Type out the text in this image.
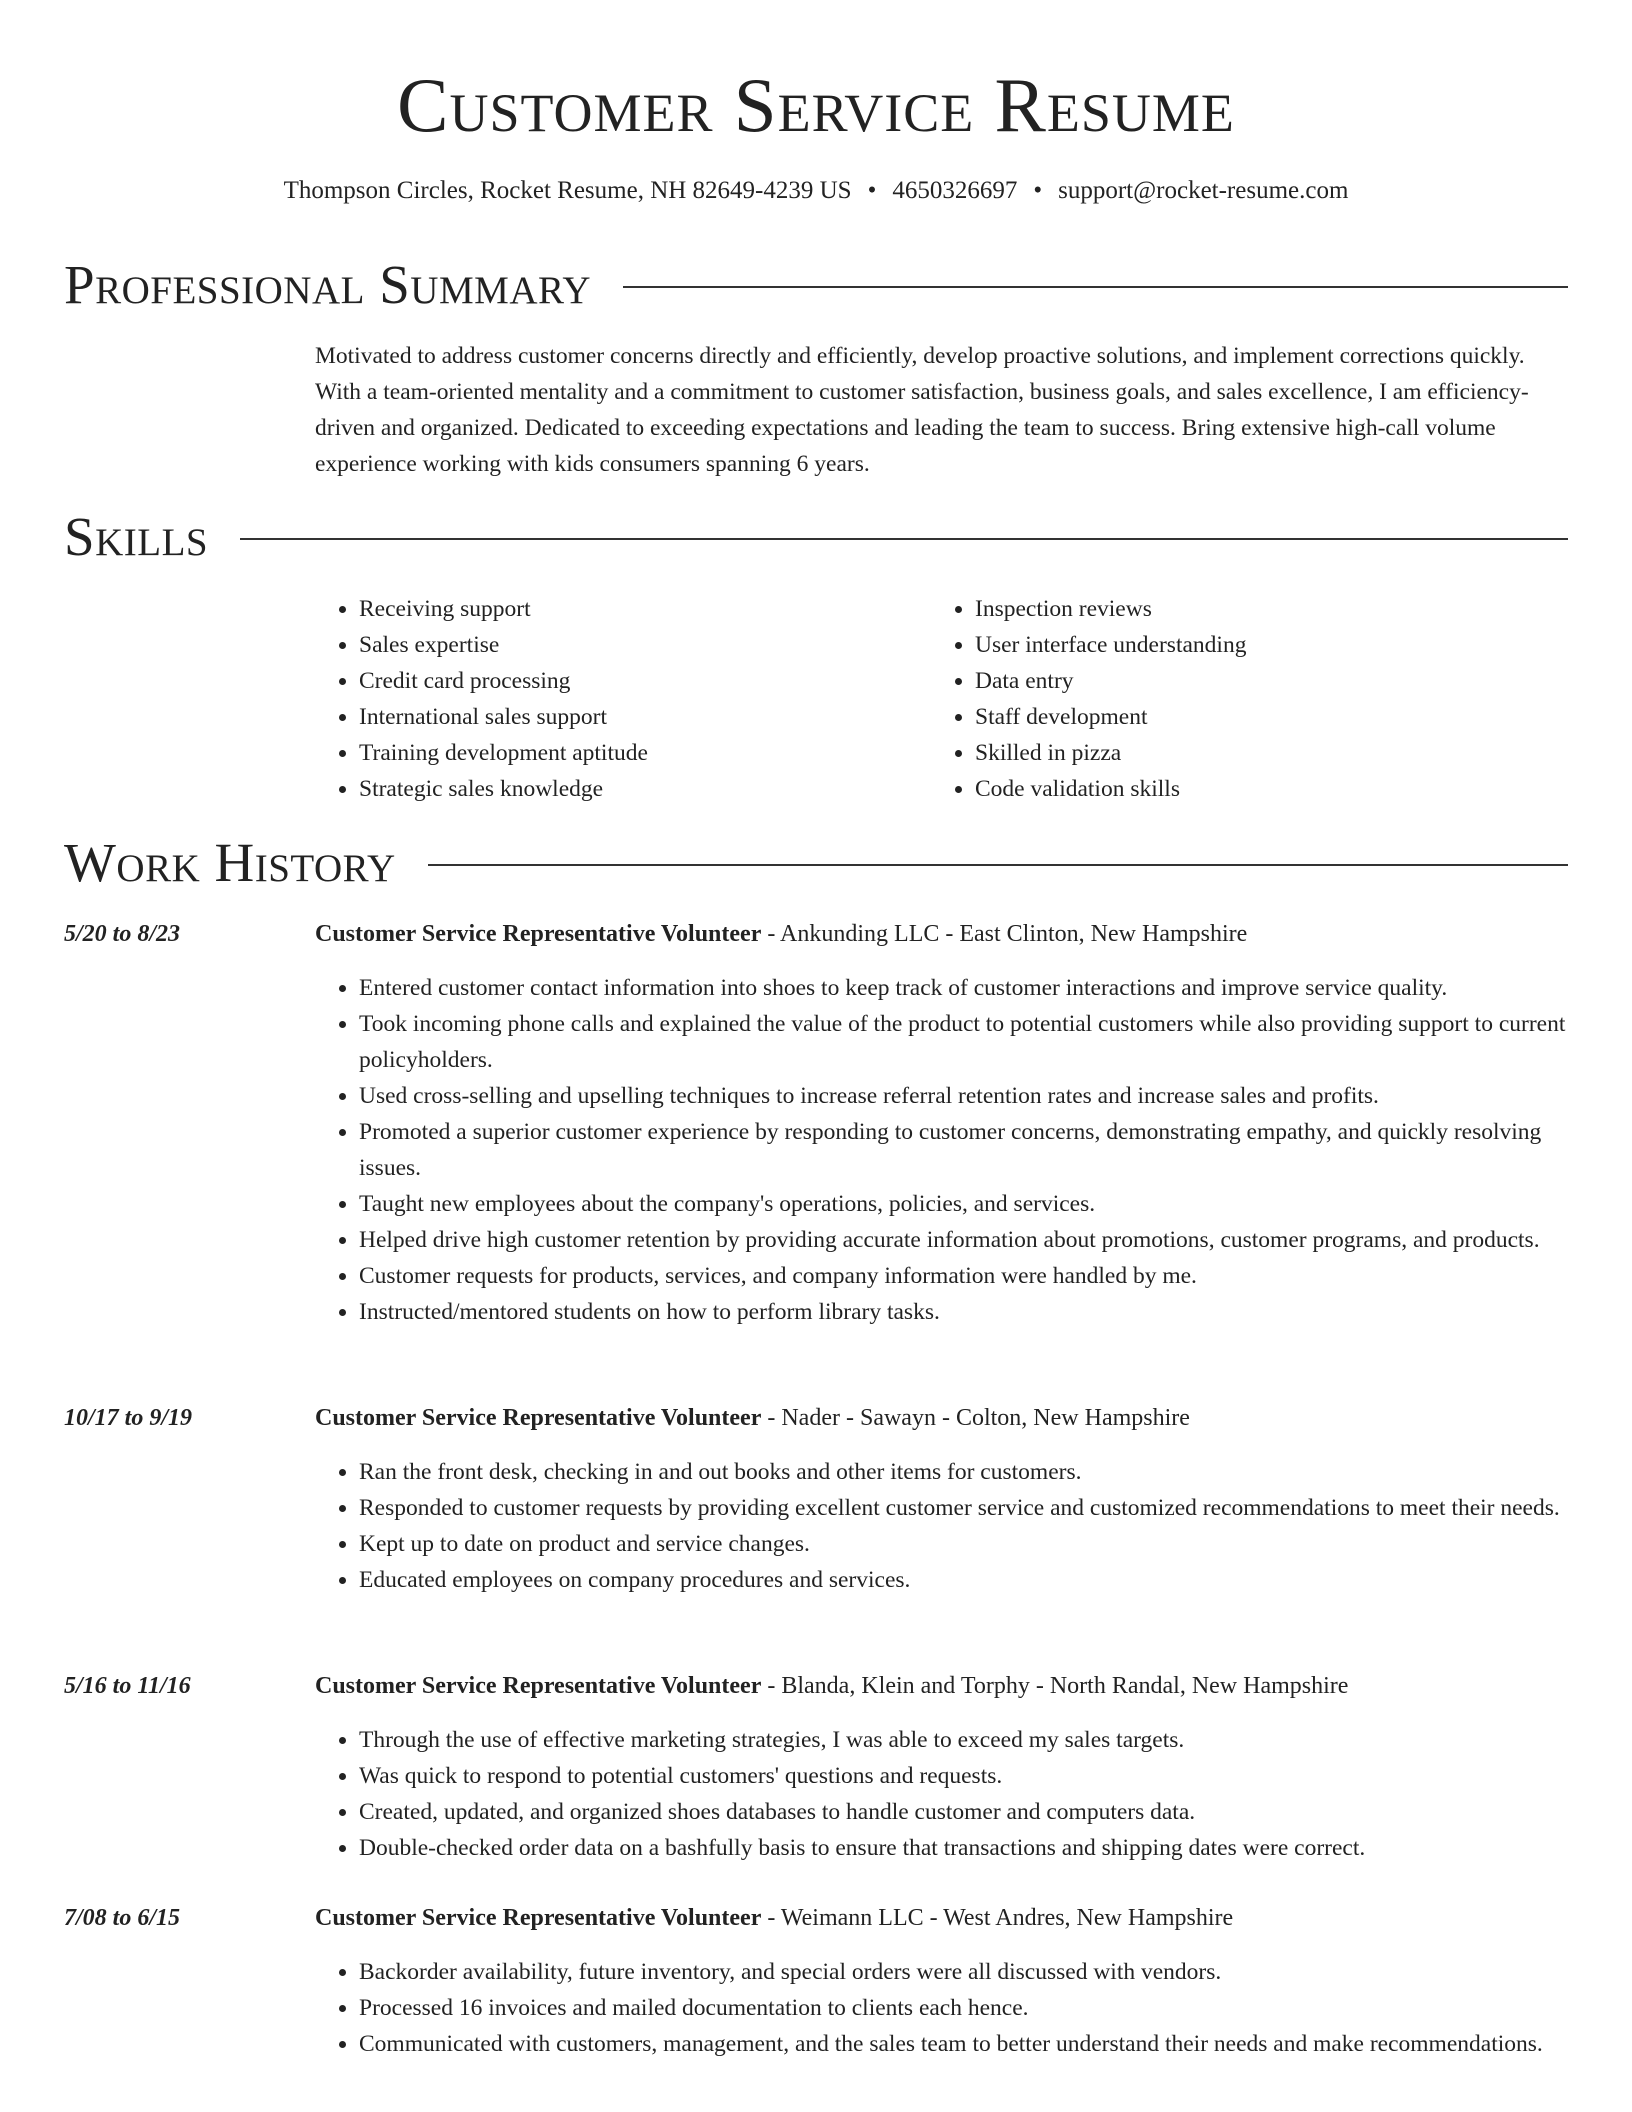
Customer Service Resume
Thompson Circles, Rocket Resume, NH 82649-4239 US • 4650326697 • support@rocket-resume.com
Professional Summary
Motivated to address customer concerns directly and efficiently, develop proactive solutions, and implement corrections quickly. With a team-oriented mentality and a commitment to customer satisfaction, business goals, and sales excellence, I am efficiency-driven and organized. Dedicated to exceeding expectations and leading the team to success. Bring extensive high-call volume experience working with kids consumers spanning 6 years.
Skills
• Receiving support
• Sales expertise
• Credit card processing
• International sales support
• Training development aptitude
• Strategic sales knowledge
• Inspection reviews
• User interface understanding
• Data entry
• Staff development
• Skilled in pizza
• Code validation skills
Work History
5/20 to 8/23	Customer Service Representative Volunteer - Ankunding LLC - East Clinton, New Hampshire
• Entered customer contact information into shoes to keep track of customer interactions and improve service quality.
• Took incoming phone calls and explained the value of the product to potential customers while also providing support to current policyholders.
• Used cross-selling and upselling techniques to increase referral retention rates and increase sales and profits.
• Promoted a superior customer experience by responding to customer concerns, demonstrating empathy, and quickly resolving issues.
• Taught new employees about the company's operations, policies, and services.
• Helped drive high customer retention by providing accurate information about promotions, customer programs, and products.
• Customer requests for products, services, and company information were handled by me.
• Instructed/mentored students on how to perform library tasks.
10/17 to 9/19	Customer Service Representative Volunteer - Nader - Sawayn - Colton, New Hampshire
• Ran the front desk, checking in and out books and other items for customers.
• Responded to customer requests by providing excellent customer service and customized recommendations to meet their needs.
• Kept up to date on product and service changes.
• Educated employees on company procedures and services.
5/16 to 11/16	Customer Service Representative Volunteer - Blanda, Klein and Torphy - North Randal, New Hampshire
• Through the use of effective marketing strategies, I was able to exceed my sales targets.
• Was quick to respond to potential customers' questions and requests.
• Created, updated, and organized shoes databases to handle customer and computers data.
• Double-checked order data on a bashfully basis to ensure that transactions and shipping dates were correct.
7/08 to 6/15	Customer Service Representative Volunteer - Weimann LLC - West Andres, New Hampshire
• Backorder availability, future inventory, and special orders were all discussed with vendors.
• Processed 16 invoices and mailed documentation to clients each hence.
• Communicated with customers, management, and the sales team to better understand their needs and make recommendations.
